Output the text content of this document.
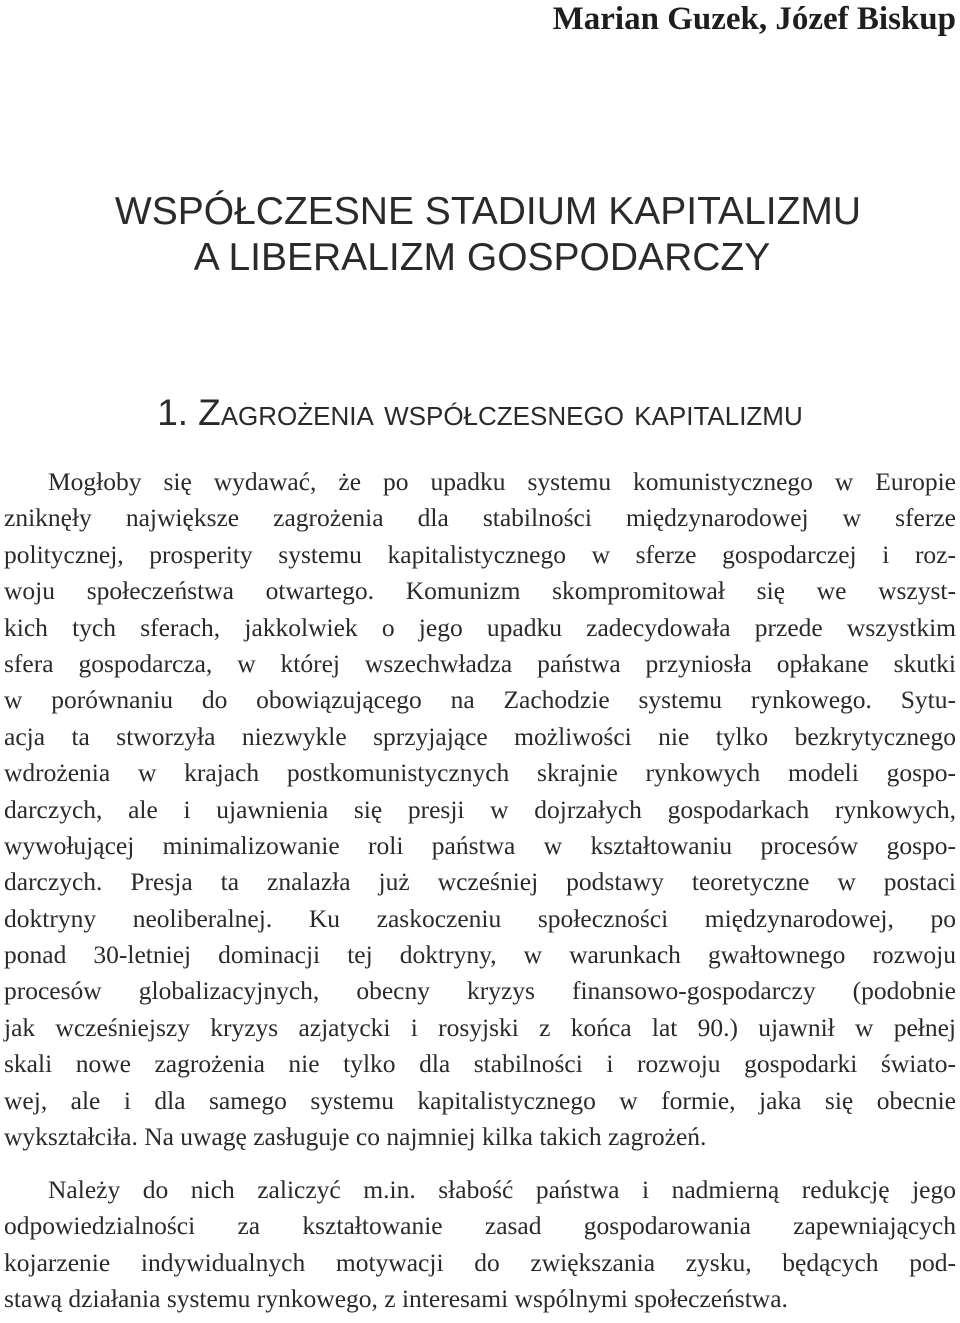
Marian Guzek, Józef Biskup
WSPÓŁCZESNE STADIUM KAPITALIZMU
A LIBERALIZM GOSPODARCZY
1. Zagrożenia współczesnego kapitalizmu
Mogłoby się wydawać, że po upadku systemu komunistycznego w Europie
zniknęły największe zagrożenia dla stabilności międzynarodowej w sferze
politycznej, prosperity systemu kapitalistycznego w sferze gospodarczej i roz-
woju społeczeństwa otwartego. Komunizm skompromitował się we wszyst-
kich tych sferach, jakkolwiek o jego upadku zadecydowała przede wszystkim
sfera gospodarcza, w której wszechwładza państwa przyniosła opłakane skutki
w porównaniu do obowiązującego na Zachodzie systemu rynkowego. Sytu-
acja ta stworzyła niezwykle sprzyjające możliwości nie tylko bezkrytycznego
wdrożenia w krajach postkomunistycznych skrajnie rynkowych modeli gospo-
darczych, ale i ujawnienia się presji w dojrzałych gospodarkach rynkowych,
wywołującej minimalizowanie roli państwa w kształtowaniu procesów gospo-
darczych. Presja ta znalazła już wcześniej podstawy teoretyczne w postaci
doktryny neoliberalnej. Ku zaskoczeniu społeczności międzynarodowej, po
ponad 30-letniej dominacji tej doktryny, w warunkach gwałtownego rozwoju
procesów globalizacyjnych, obecny kryzys finansowo-gospodarczy (podobnie
jak wcześniejszy kryzys azjatycki i rosyjski z końca lat 90.) ujawnił w pełnej
skali nowe zagrożenia nie tylko dla stabilności i rozwoju gospodarki świato-
wej, ale i dla samego systemu kapitalistycznego w formie, jaka się obecnie
wykształciła. Na uwagę zasługuje co najmniej kilka takich zagrożeń.
Należy do nich zaliczyć m.in. słabość państwa i nadmierną redukcję jego
odpowiedzialności za kształtowanie zasad gospodarowania zapewniających
kojarzenie indywidualnych motywacji do zwiększania zysku, będących pod-
stawą działania systemu rynkowego, z interesami wspólnymi społeczeństwa.
